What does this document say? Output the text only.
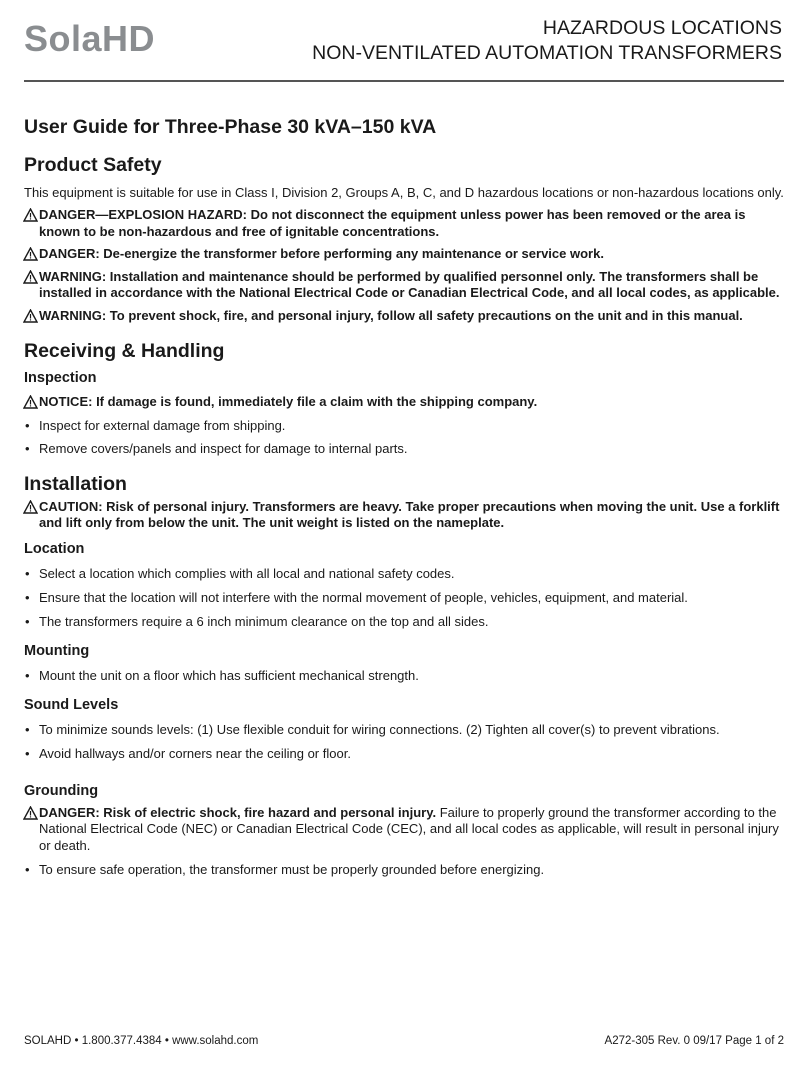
SolaHD	HAZARDOUS LOCATIONS
NON-VENTILATED AUTOMATION TRANSFORMERS
User Guide for Three-Phase 30 kVA–150 kVA
Product Safety

This equipment is suitable for use in Class I, Division 2, Groups A, B, C, and D hazardous locations or non-hazardous locations only.

DANGER—EXPLOSION HAZARD: Do not disconnect the equipment unless power has been removed or the area is known to be non-hazardous and free of ignitable concentrations.
DANGER: De-energize the transformer before performing any maintenance or service work.
WARNING: Installation and maintenance should be performed by qualified personnel only. The transformers shall be installed in accordance with the National Electrical Code or Canadian Electrical Code, and all local codes, as applicable.
WARNING: To prevent shock, fire, and personal injury, follow all safety precautions on the unit and in this manual.
Receiving & Handling
Inspection
NOTICE: If damage is found, immediately file a claim with the shipping company.
• Inspect for external damage from shipping.
• Remove covers/panels and inspect for damage to internal parts.
Installation
CAUTION: Risk of personal injury. Transformers are heavy. Take proper precautions when moving the unit. Use a forklift and lift only from below the unit. The unit weight is listed on the nameplate.
Location
• Select a location which complies with all local and national safety codes.
• Ensure that the location will not interfere with the normal movement of people, vehicles, equipment, and material.
• The transformers require a 6 inch minimum clearance on the top and all sides.
Mounting
• Mount the unit on a floor which has sufficient mechanical strength.
Sound Levels
• To minimize sounds levels: (1) Use flexible conduit for wiring connections. (2) Tighten all cover(s) to prevent vibrations.
• Avoid hallways and/or corners near the ceiling or floor.
Grounding
DANGER: Risk of electric shock, fire hazard and personal injury. Failure to properly ground the transformer according to the National Electrical Code (NEC) or Canadian Electrical Code (CEC), and all local codes as applicable, will result in personal injury or death.
• To ensure safe operation, the transformer must be properly grounded before energizing.
SOLAHD • 1.800.377.4384 • www.solahd.com	A272-305 Rev. 0 09/17 Page 1 of 2
